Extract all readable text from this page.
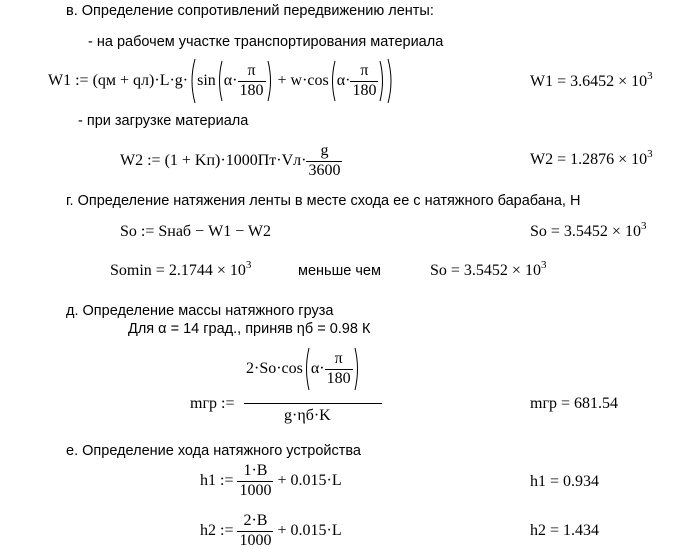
в. Определение сопротивлений передвижению ленты:
- на рабочем участке транспортирования материала
W1 := $(qм + qл)\cdot L\cdot g\cdot \sin \alpha\cdot \frac{\pi}{180} + w\cdot\cos$ $\alpha\cdot \frac{\pi}{180}$	$W1 = 3.6452 \times 10^3$
- при загрузке материала
W2 := $(1 + Kп)\cdot 1000Пт\cdot Vл\cdot \frac{g}{3600}$	$W2 = 1.2876 \times 10^3$
г. Определение натяжения ленты в месте схода ее с натяжного барабана, Н
So := Sнаб − W1 − W2	$So = 3.5452 \times 10^3$
$Somin = 2.1744 \times 10^3$	меньше чем	$So = 3.5452 \times 10^3$
д. Определение массы натяжного груза
Для α = 14 град., приняв ηб = 0.98 К
mгр :=
2·So·cos $\alpha\cdot \frac{\pi}{180}$
g·ηб·K
mгр = 681.54
е. Определение хода натяжного устройства
h1 := $\frac{1\cdot B}{1000} + 0.015\cdot L$	h1 = 0.934
h2 := $\frac{2\cdot B}{1000} + 0.015\cdot L$	h2 = 1.434
